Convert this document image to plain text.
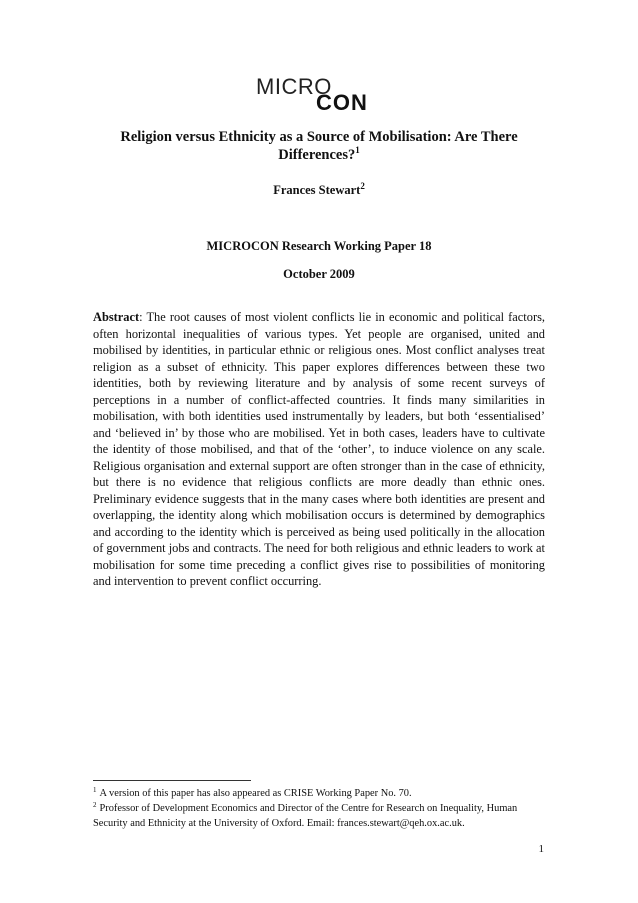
MICRO
CON
Religion versus Ethnicity as a Source of Mobilisation: Are There Differences?$^1$

Frances Stewart$^2$

MICROCON Research Working Paper 18

October 2009

Abstract: The root causes of most violent conflicts lie in economic and political factors, often horizontal inequalities of various types. Yet people are organised, united and mobilised by identities, in particular ethnic or religious ones. Most conflict analyses treat religion as a subset of ethnicity. This paper explores differences between these two identities, both by reviewing literature and by analysis of some recent surveys of perceptions in a number of conflict-affected countries. It finds many similarities in mobilisation, with both identities used instrumentally by leaders, but both ‘essentialised’ and ‘believed in’ by those who are mobilised. Yet in both cases, leaders have to cultivate the identity of those mobilised, and that of the ‘other’, to induce violence on any scale. Religious organisation and external support are often stronger than in the case of ethnicity, but there is no evidence that religious conflicts are more deadly than ethnic ones. Preliminary evidence suggests that in the many cases where both identities are present and overlapping, the identity along which mobilisation occurs is determined by demographics and according to the identity which is perceived as being used politically in the allocation of government jobs and contracts. The need for both religious and ethnic leaders to work at mobilisation for some time preceding a conflict gives rise to possibilities of monitoring and intervention to prevent conflict occurring.

$^1$ A version of this paper has also appeared as CRISE Working Paper No. 70.

$^2$ Professor of Development Economics and Director of the Centre for Research on Inequality, Human Security and Ethnicity at the University of Oxford. Email: frances.stewart@qeh.ox.ac.uk.

1
